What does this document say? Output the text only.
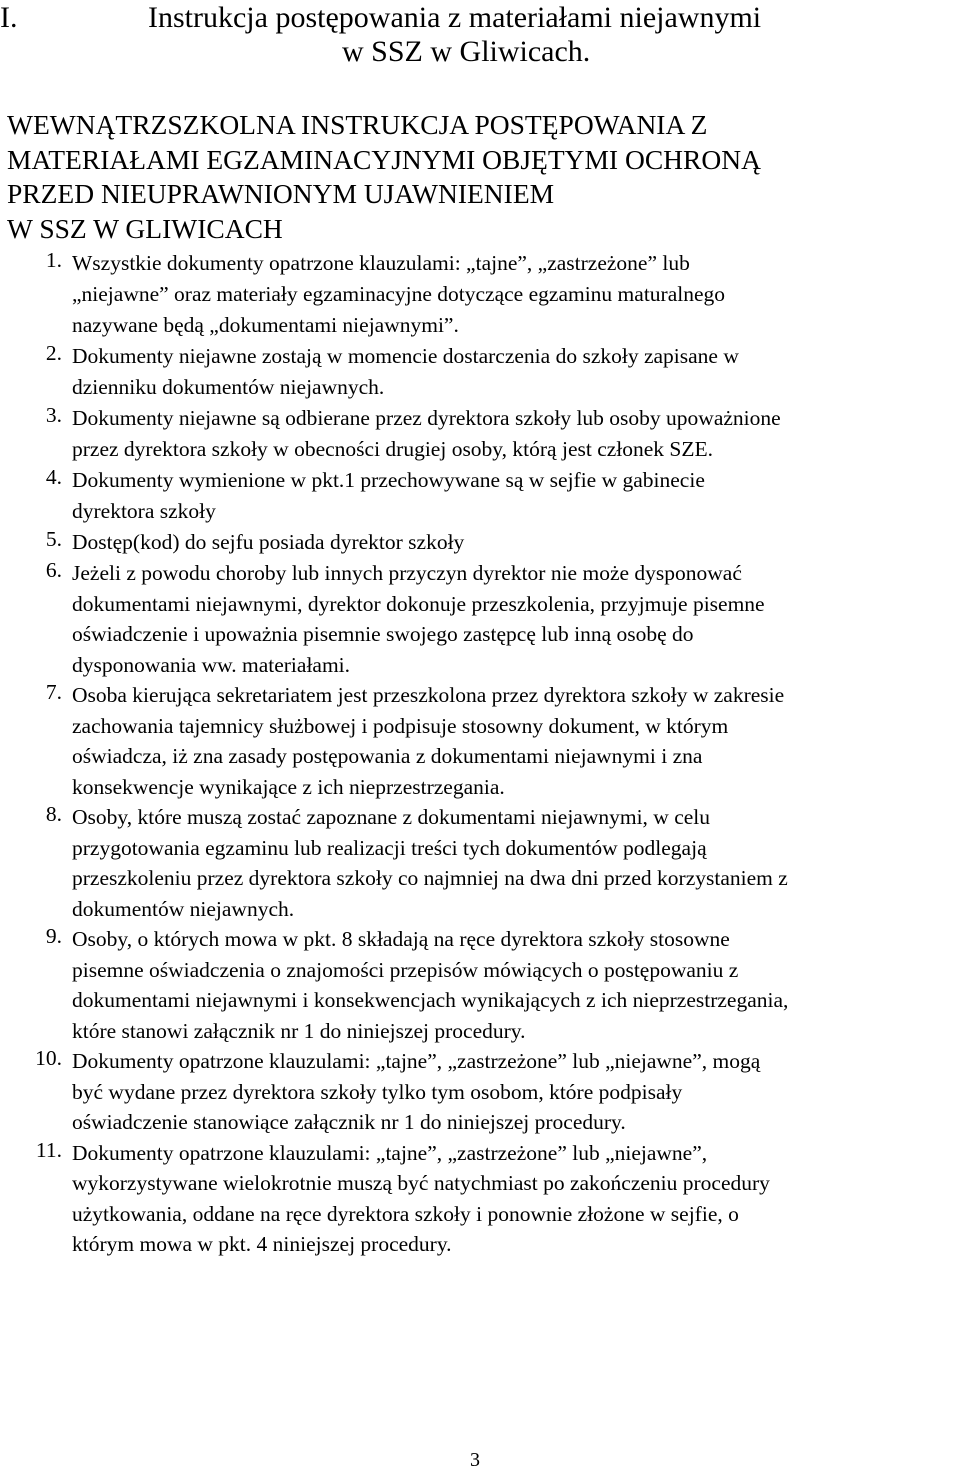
I.	Instrukcja postępowania z materiałami niejawnymi
w SSZ w Gliwicach.
WEWNĄTRZSZKOLNA INSTRUKCJA POSTĘPOWANIA Z
MATERIAŁAMI EGZAMINACYJNYMI OBJĘTYMI OCHRONĄ
PRZED NIEUPRAWNIONYM UJAWNIENIEM
W SSZ W GLIWICACH
1. Wszystkie dokumenty opatrzone klauzulami: „tajne”, „zastrzeżone” lub
„niejawne” oraz materiały egzaminacyjne dotyczące egzaminu maturalnego
nazywane będą „dokumentami niejawnymi”.
2. Dokumenty niejawne zostają w momencie dostarczenia do szkoły zapisane w
dzienniku dokumentów niejawnych.
3. Dokumenty niejawne są odbierane przez dyrektora szkoły lub osoby upoważnione
przez dyrektora szkoły w obecności drugiej osoby, którą jest członek SZE.
4. Dokumenty wymienione w pkt.1 przechowywane są w sejfie w gabinecie
dyrektora szkoły
5. Dostęp(kod) do sejfu posiada dyrektor szkoły
6. Jeżeli z powodu choroby lub innych przyczyn dyrektor nie może dysponować
dokumentami niejawnymi, dyrektor dokonuje przeszkolenia, przyjmuje pisemne
oświadczenie i upoważnia pisemnie swojego zastępcę lub inną osobę do
dysponowania ww. materiałami.
7. Osoba kierująca sekretariatem jest przeszkolona przez dyrektora szkoły w zakresie
zachowania tajemnicy służbowej i podpisuje stosowny dokument, w którym
oświadcza, iż zna zasady postępowania z dokumentami niejawnymi i zna
konsekwencje wynikające z ich nieprzestrzegania.
8. Osoby, które muszą zostać zapoznane z dokumentami niejawnymi, w celu
przygotowania egzaminu lub realizacji treści tych dokumentów podlegają
przeszkoleniu przez dyrektora szkoły co najmniej na dwa dni przed korzystaniem z
dokumentów niejawnych.
9. Osoby, o których mowa w pkt. 8 składają na ręce dyrektora szkoły stosowne
pisemne oświadczenia o znajomości przepisów mówiących o postępowaniu z
dokumentami niejawnymi i konsekwencjach wynikających z ich nieprzestrzegania,
które stanowi załącznik nr 1 do niniejszej procedury.
10. Dokumenty opatrzone klauzulami: „tajne”, „zastrzeżone” lub „niejawne”, mogą
być wydane przez dyrektora szkoły tylko tym osobom, które podpisały
oświadczenie stanowiące załącznik nr 1 do niniejszej procedury.
11. Dokumenty opatrzone klauzulami: „tajne”, „zastrzeżone” lub „niejawne”,
wykorzystywane wielokrotnie muszą być natychmiast po zakończeniu procedury
użytkowania, oddane na ręce dyrektora szkoły i ponownie złożone w sejfie, o
którym mowa w pkt. 4 niniejszej procedury.
3
